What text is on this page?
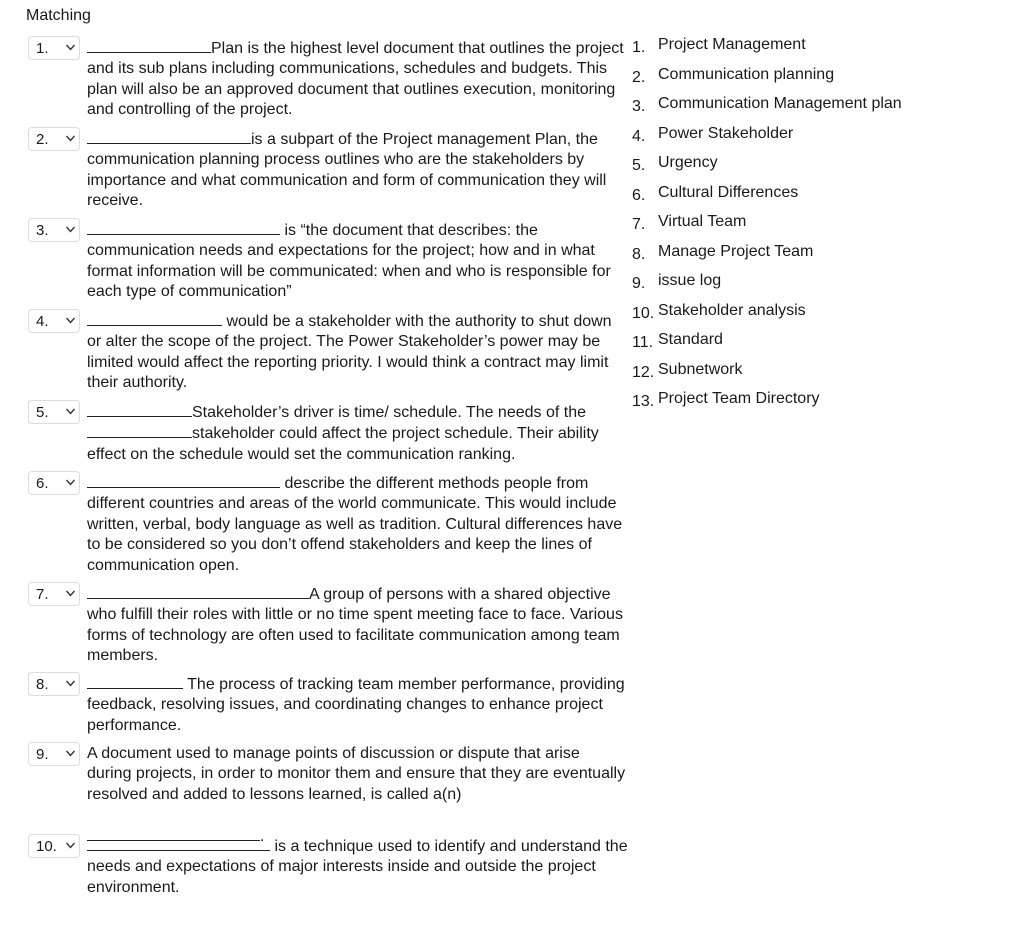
Matching
1.	Plan is the highest level document that outlines the project and its sub plans including communications, schedules and budgets. This plan will also be an approved document that outlines execution, monitoring and controlling of the project.
2.	is a subpart of the Project management Plan, the communication planning process outlines who are the stakeholders by importance and what communication and form of communication they will receive.
3.	is “the document that describes: the communication needs and expectations for the project; how and in what format information will be communicated: when and who is responsible for each type of communication”
4.	would be a stakeholder with the authority to shut down or alter the scope of the project. The Power Stakeholder’s power may be limited would affect the reporting priority. I would think a contract may limit their authority.
5.	Stakeholder’s driver is time/ schedule. The needs of the stakeholder could affect the project schedule. Their ability effect on the schedule would set the communication ranking.
6.	describe the different methods people from different countries and areas of the world communicate. This would include written, verbal, body language as well as tradition. Cultural differences have to be considered so you don’t offend stakeholders and keep the lines of communication open.
7.	A group of persons with a shared objective who fulfill their roles with little or no time spent meeting face to face. Various forms of technology are often used to facilitate communication among team members.
8.	The process of tracking team member performance, providing feedback, resolving issues, and coordinating changes to enhance project performance.
9. A document used to manage points of discussion or dispute that arise during projects, in order to monitor them and ensure that they are eventually resolved and added to lessons learned, is called a(n)

.
10.	is a technique used to identify and understand the needs and expectations of major interests inside and outside the project environment.
1. Project Management
2. Communication planning
3. Communication Management plan
4. Power Stakeholder
5. Urgency
6. Cultural Differences
7. Virtual Team
8. Manage Project Team
9. issue log
10. Stakeholder analysis
11. Standard
12. Subnetwork
13. Project Team Directory
